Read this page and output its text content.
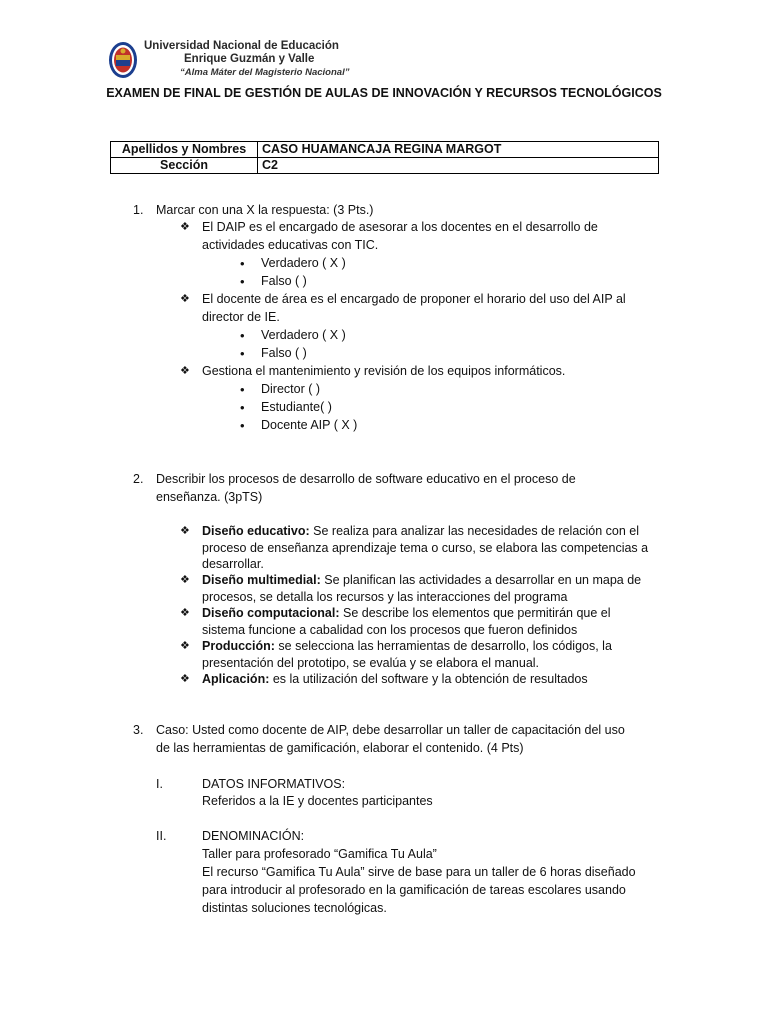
Universidad Nacional de Educación
Enrique Guzmán y Valle
“Alma Máter del Magisterio Nacional”
EXAMEN DE FINAL DE GESTIÓN DE AULAS DE INNOVACIÓN Y RECURSOS TECNOLÓGICOS
Apellidos y Nombres	CASO HUAMANCAJA REGINA MARGOT
Sección	C2
1. Marcar con una X la respuesta: (3 Pts.)
❖ El DAIP es el encargado de asesorar a los docentes en el desarrollo de
actividades educativas con TIC.
• Verdadero ( X )
• Falso ( )
❖ El docente de área es el encargado de proponer el horario del uso del AIP al
director de IE.
• Verdadero ( X )
• Falso ( )
❖ Gestiona el mantenimiento y revisión de los equipos informáticos.
• Director ( )
• Estudiante( )
• Docente AIP ( X )
2. Describir los procesos de desarrollo de software educativo en el proceso de
enseñanza. (3pTS)
❖ Diseño educativo: Se realiza para analizar las necesidades de relación con el
proceso de enseñanza aprendizaje tema o curso, se elabora las competencias a
desarrollar.
❖ Diseño multimedial: Se planifican las actividades a desarrollar en un mapa de
procesos, se detalla los recursos y las interacciones del programa
❖ Diseño computacional: Se describe los elementos que permitirán que el
sistema funcione a cabalidad con los procesos que fueron definidos
❖ Producción: se selecciona las herramientas de desarrollo, los códigos, la
presentación del prototipo, se evalúa y se elabora el manual.
❖ Aplicación: es la utilización del software y la obtención de resultados
3. Caso: Usted como docente de AIP, debe desarrollar un taller de capacitación del uso
de las herramientas de gamificación, elaborar el contenido. (4 Pts)
I.	DATOS INFORMATIVOS:
Referidos a la IE y docentes participantes
II.	DENOMINACIÓN:
Taller para profesorado “Gamifica Tu Aula”
El recurso “Gamifica Tu Aula” sirve de base para un taller de 6 horas diseñado
para introducir al profesorado en la gamificación de tareas escolares usando
distintas soluciones tecnológicas.
